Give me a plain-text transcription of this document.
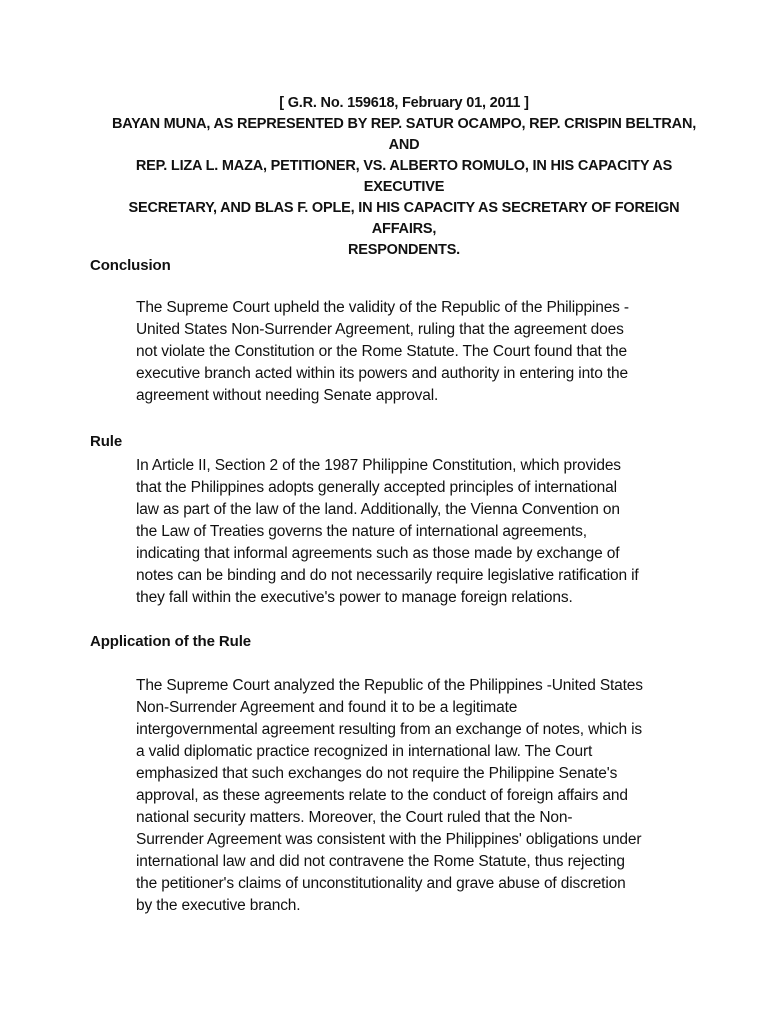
[ G.R. No. 159618, February 01, 2011 ]
BAYAN MUNA, AS REPRESENTED BY REP. SATUR OCAMPO, REP. CRISPIN BELTRAN, AND
REP. LIZA L. MAZA, PETITIONER, VS. ALBERTO ROMULO, IN HIS CAPACITY AS EXECUTIVE
SECRETARY, AND BLAS F. OPLE, IN HIS CAPACITY AS SECRETARY OF FOREIGN AFFAIRS,
RESPONDENTS.
Conclusion
The Supreme Court upheld the validity of the Republic of the Philippines -
United States Non-Surrender Agreement, ruling that the agreement does
not violate the Constitution or the Rome Statute. The Court found that the
executive branch acted within its powers and authority in entering into the
agreement without needing Senate approval.
Rule
In Article II, Section 2 of the 1987 Philippine Constitution, which provides
that the Philippines adopts generally accepted principles of international
law as part of the law of the land. Additionally, the Vienna Convention on
the Law of Treaties governs the nature of international agreements,
indicating that informal agreements such as those made by exchange of
notes can be binding and do not necessarily require legislative ratification if
they fall within the executive's power to manage foreign relations.
Application of the Rule
The Supreme Court analyzed the Republic of the Philippines -United States
Non-Surrender Agreement and found it to be a legitimate
intergovernmental agreement resulting from an exchange of notes, which is
a valid diplomatic practice recognized in international law. The Court
emphasized that such exchanges do not require the Philippine Senate's
approval, as these agreements relate to the conduct of foreign affairs and
national security matters. Moreover, the Court ruled that the Non-
Surrender Agreement was consistent with the Philippines' obligations under
international law and did not contravene the Rome Statute, thus rejecting
the petitioner's claims of unconstitutionality and grave abuse of discretion
by the executive branch.
